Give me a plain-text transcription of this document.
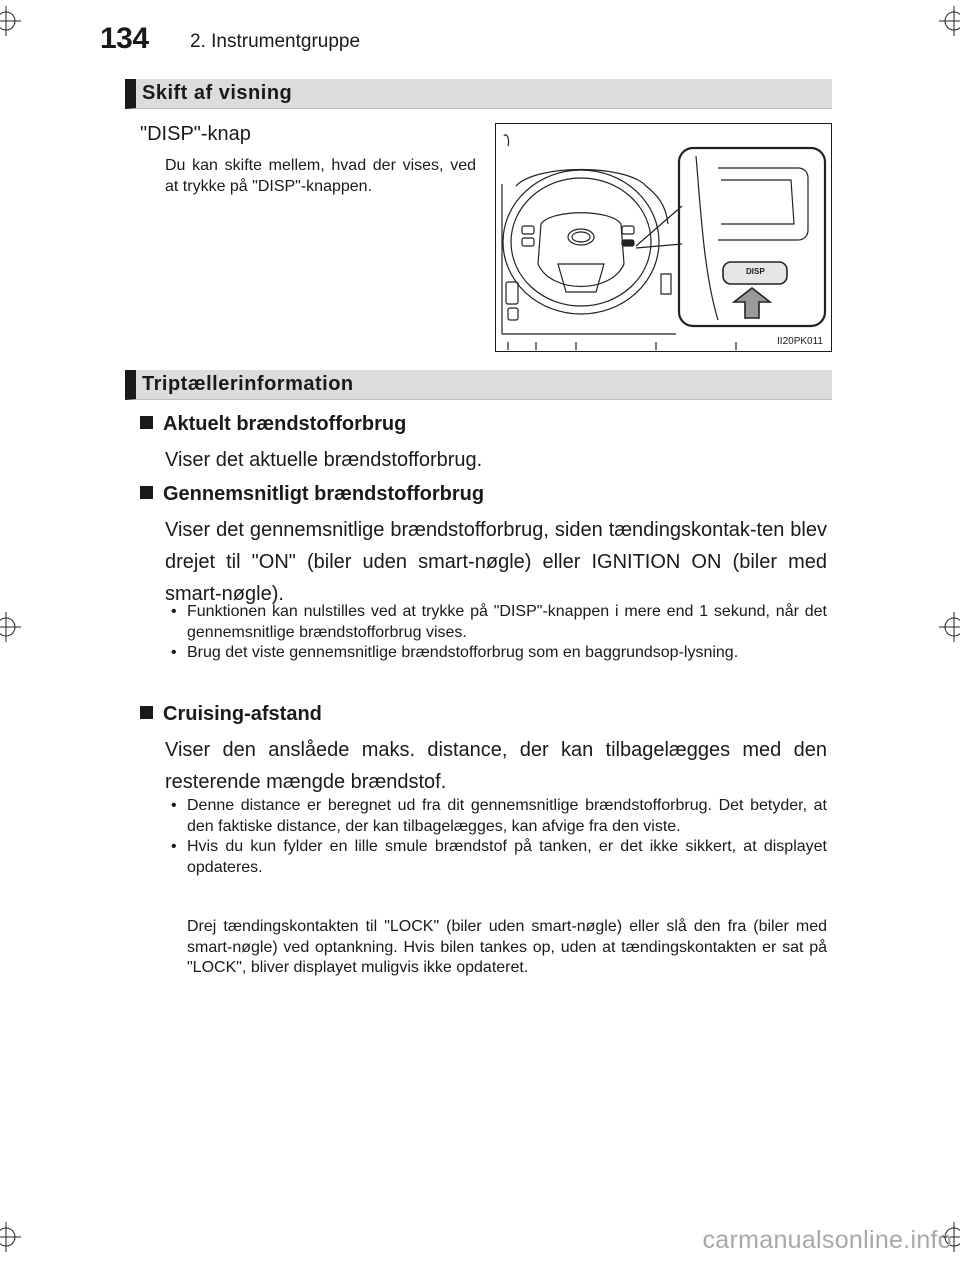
134 2. Instrumentgruppe
Skift af visning
"DISP"-knap
Du kan skifte mellem, hvad der vises, ved at trykke på "DISP"-knappen.
DISP
II20PK011
Triptællerinformation
Aktuelt brændstofforbrug
Viser det aktuelle brændstofforbrug.
Gennemsnitligt brændstofforbrug
Viser det gennemsnitlige brændstofforbrug, siden tændingskontak-ten blev drejet til "ON" (biler uden smart-nøgle) eller IGNITION ON (biler med smart-nøgle).
• Funktionen kan nulstilles ved at trykke på "DISP"-knappen i mere end 1 sekund, når det gennemsnitlige brændstofforbrug vises.
• Brug det viste gennemsnitlige brændstofforbrug som en baggrundsop-lysning.
Cruising-afstand
Viser den anslåede maks. distance, der kan tilbagelægges med den resterende mængde brændstof.
• Denne distance er beregnet ud fra dit gennemsnitlige brændstofforbrug. Det betyder, at den faktiske distance, der kan tilbagelægges, kan afvige fra den viste.
• Hvis du kun fylder en lille smule brændstof på tanken, er det ikke sikkert, at displayet opdateres.
Drej tændingskontakten til "LOCK" (biler uden smart-nøgle) eller slå den fra (biler med smart-nøgle) ved optankning. Hvis bilen tankes op, uden at tændingskontakten er sat på "LOCK", bliver displayet muligvis ikke opdateret.
carmanualsonline.info
